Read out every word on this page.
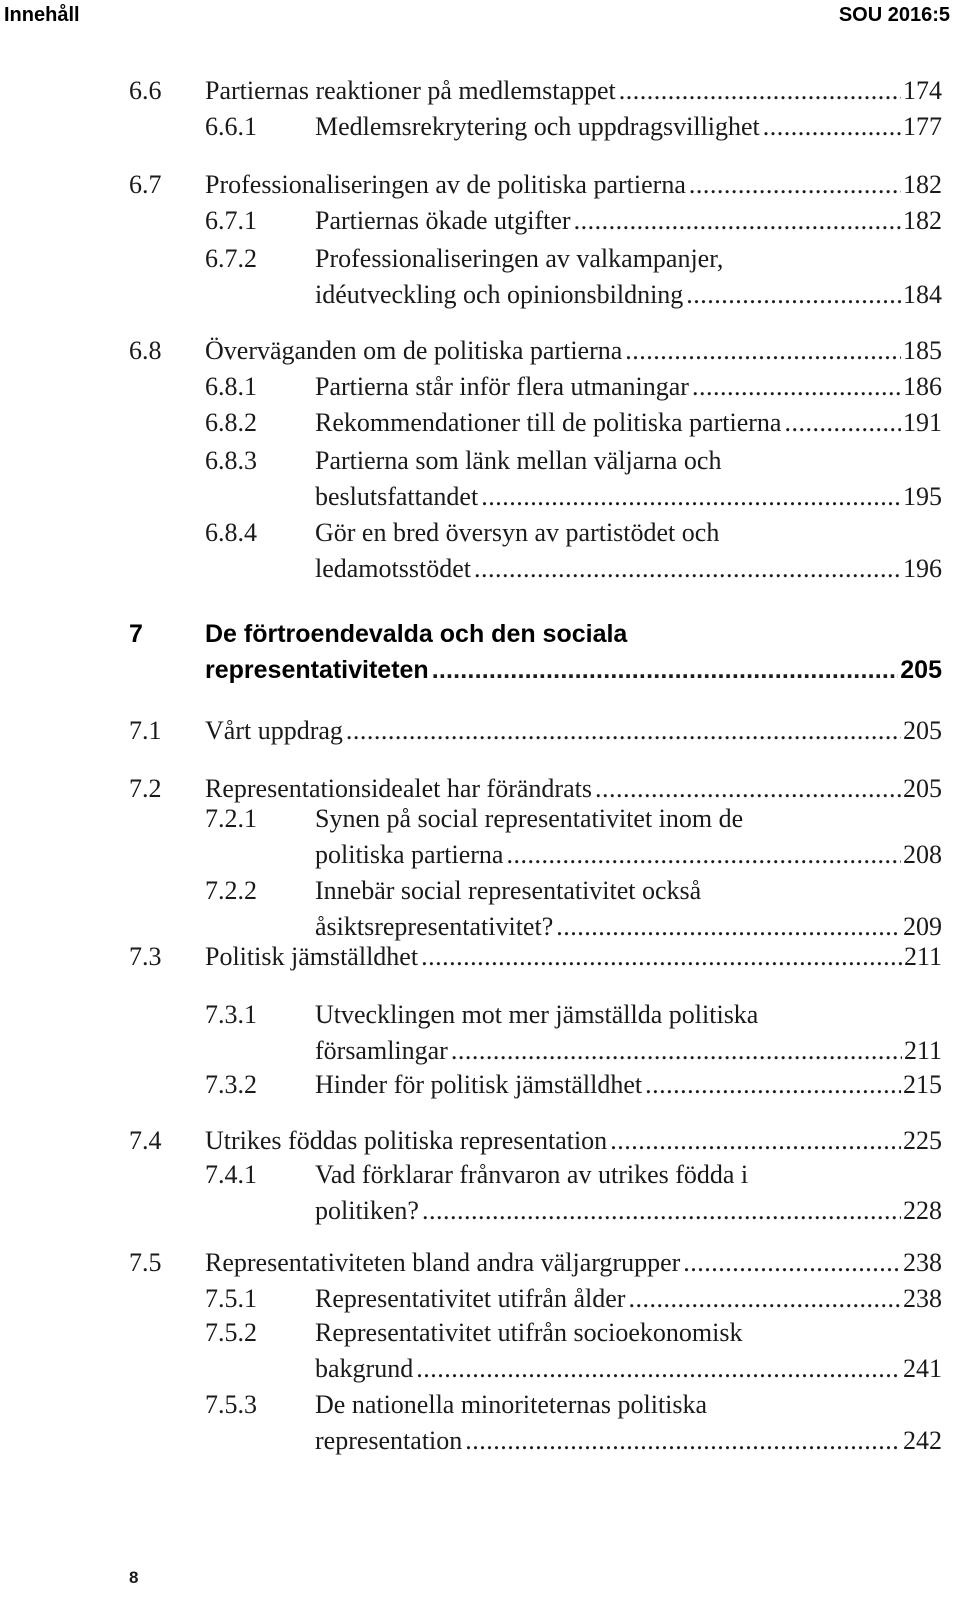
Innehåll	SOU 2016:5
6.6 Partiernas reaktioner på medlemstappet .....	174
6.6.1 Medlemsrekrytering och uppdragsvillighet .....	177
6.7 Professionaliseringen av de politiska partierna .....	182
6.7.1 Partiernas ökade utgifter .....	182
6.7.2 Professionaliseringen av valkampanjer,
idéutveckling och opinionsbildning .....	184
6.8 Överväganden om de politiska partierna .....	185
6.8.1 Partierna står inför flera utmaningar .....	186
6.8.2 Rekommendationer till de politiska partierna .....	191
6.8.3 Partierna som länk mellan väljarna och
beslutsfattandet .....	195
6.8.4 Gör en bred översyn av partistödet och
ledamotsstödet .....	196
7 De förtroendevalda och den sociala
representativiteten .....	205
7.1 Vårt uppdrag .....	205
7.2 Representationsidealet har förändrats .....	205
7.2.1 Synen på social representativitet inom de
politiska partierna .....	208
7.2.2 Innebär social representativitet också
åsiktsrepresentativitet? .....	209
7.3 Politisk jämställdhet .....	211
7.3.1 Utvecklingen mot mer jämställda politiska
församlingar .....	211
7.3.2 Hinder för politisk jämställdhet .....	215
7.4 Utrikes föddas politiska representation .....	225
7.4.1 Vad förklarar frånvaron av utrikes födda i
politiken? .....	228
7.5 Representativiteten bland andra väljargrupper .....	238
7.5.1 Representativitet utifrån ålder .....	238
7.5.2 Representativitet utifrån socioekonomisk
bakgrund .....	241
7.5.3 De nationella minoriteternas politiska
representation .....	242
8
